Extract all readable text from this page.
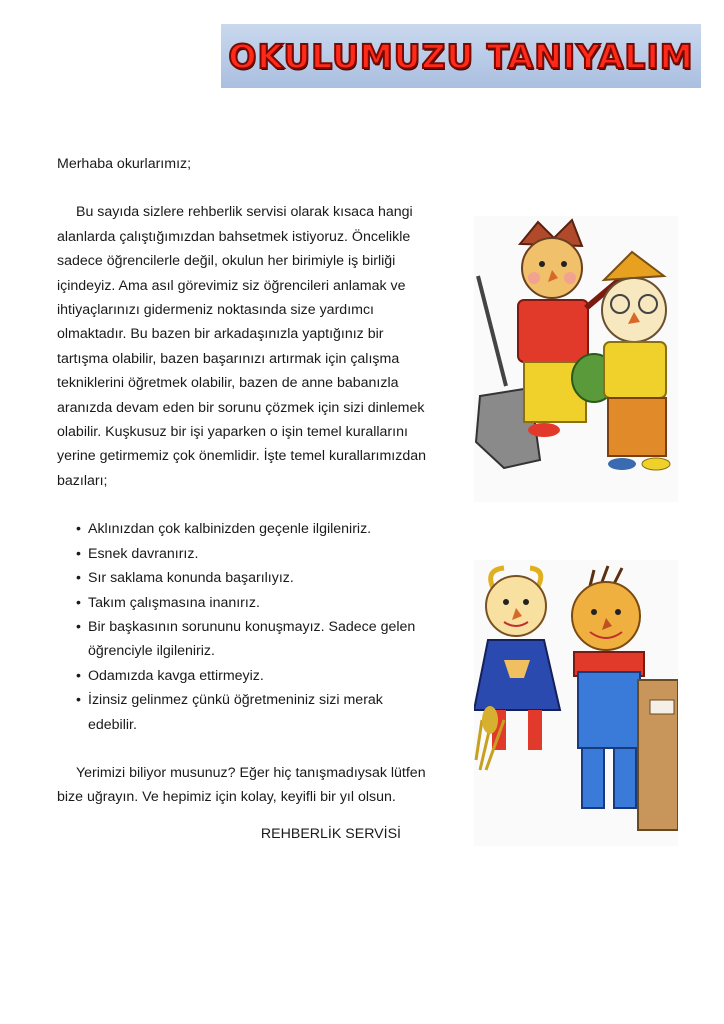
OKULUMUZU TANIYALIM

Merhaba okurlarımız;

Bu sayıda sizlere rehberlik servisi olarak kısaca hangi alanlarda çalıştığımızdan bahsetmek istiyoruz. Öncelikle sadece öğrencilerle değil, okulun her birimiyle iş birliği içindeyiz. Ama asıl görevimiz siz öğrencileri anlamak ve ihtiyaçlarınızı gidermeniz noktasında size yardımcı olmaktadır. Bu bazen bir arkadaşınızla yaptığınız bir tartışma olabilir, bazen başarınızı artırmak için çalışma tekniklerini öğretmek olabilir, bazen de anne babanızla aranızda devam eden bir sorunu çözmek için sizi dinlemek olabilir. Kuşkusuz bir işi yaparken o işin temel kurallarını yerine getirmemiz çok önemlidir. İşte temel kurallarımızdan bazıları;

• Aklınızdan çok kalbinizden geçenle ilgileniriz.
• Esnek davranırız.
• Sır saklama konunda başarılıyız.
• Takım çalışmasına inanırız.
• Bir başkasının sorununu konuşmayız. Sadece gelen öğrenciyle ilgileniriz.
• Odamızda kavga ettirmeyiz.
• İzinsiz gelinmez çünkü öğretmeniniz sizi merak edebilir.

Yerimizi biliyor musunuz? Eğer hiç tanışmadıysak lütfen bize uğrayın. Ve hepimiz için kolay, keyifli bir yıl olsun.

REHBERLİK SERVİSİ
